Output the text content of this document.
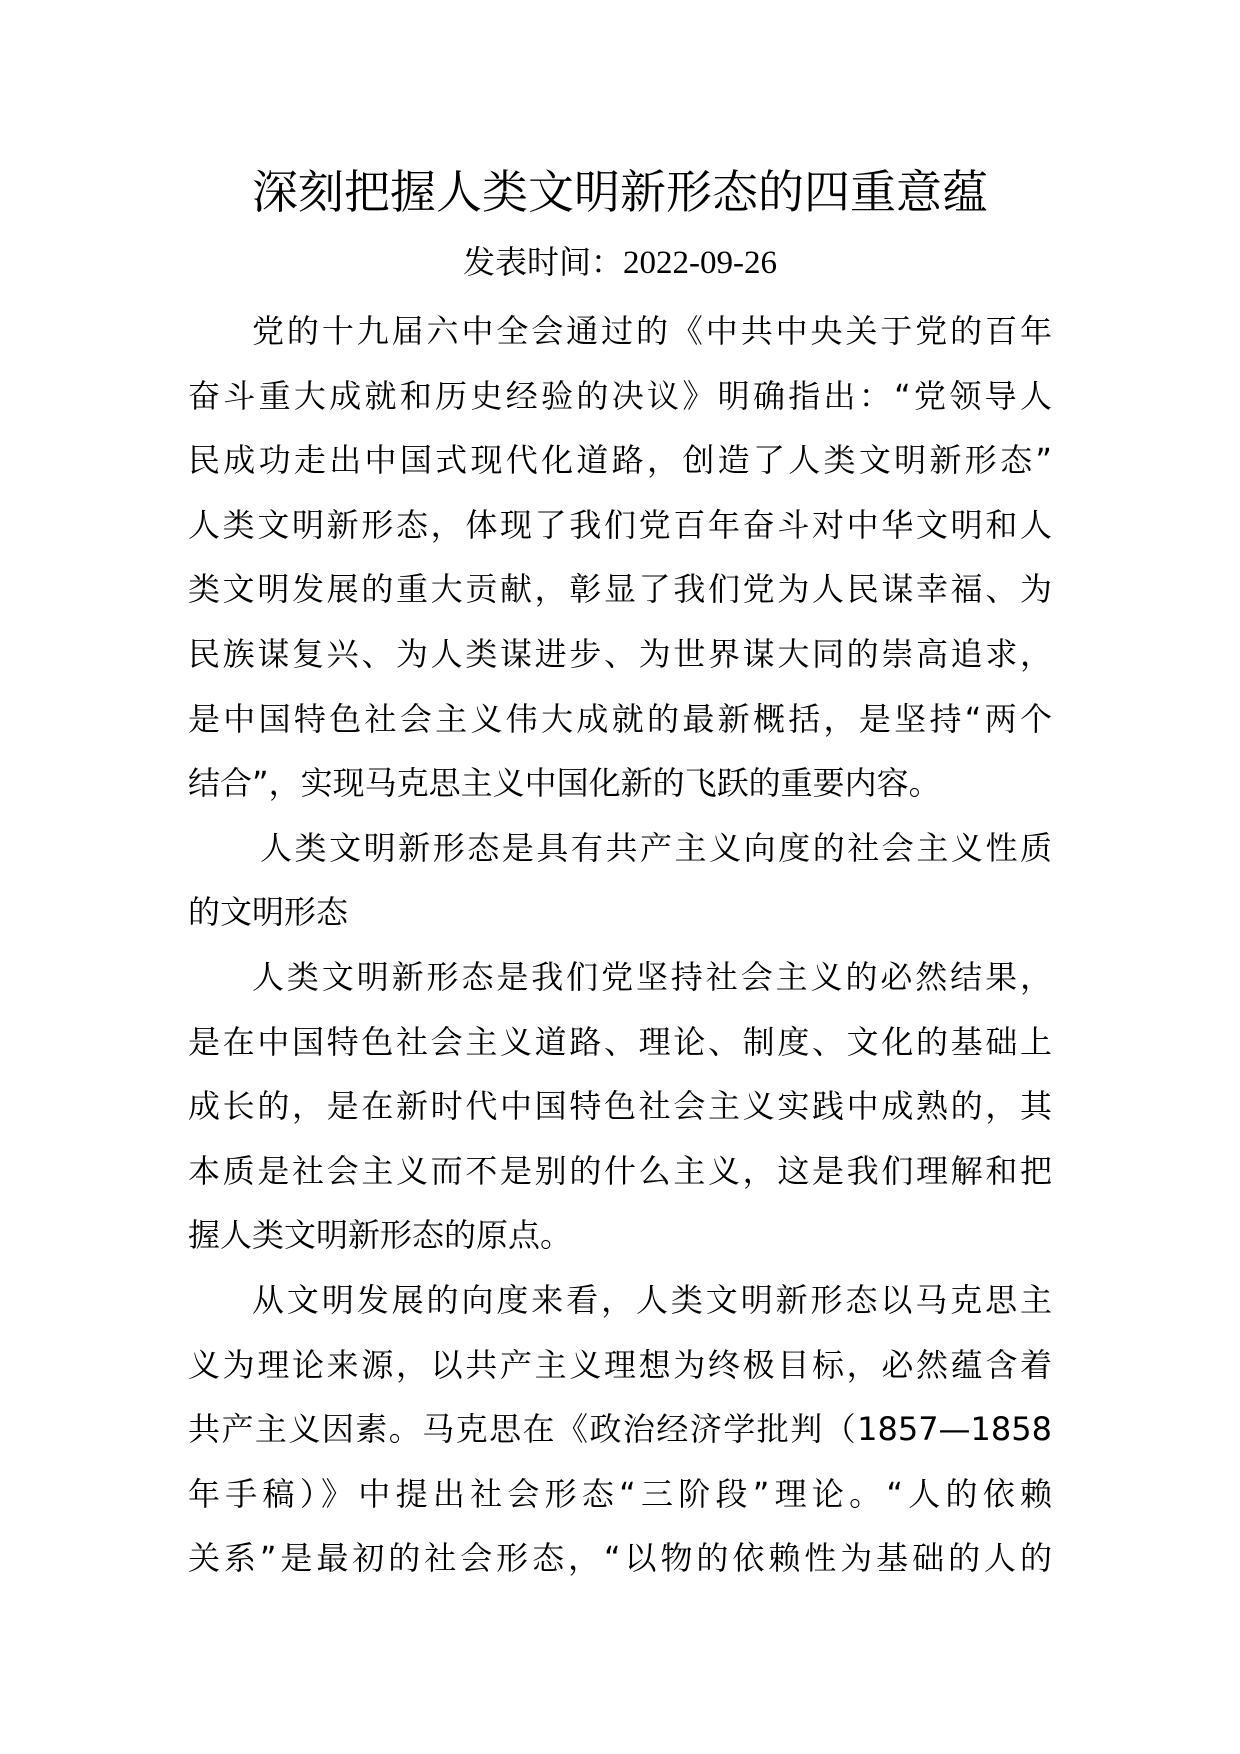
深刻把握人类文明新形态的四重意蕴
发表时间：2022-09-26
党的十九届六中全会通过的《中共中央关于党的百年
奋斗重大成就和历史经验的决议》明确指出：“党领导人
民成功走出中国式现代化道路，创造了人类文明新形态”
人类文明新形态，体现了我们党百年奋斗对中华文明和人
类文明发展的重大贡献，彰显了我们党为人民谋幸福、为
民族谋复兴、为人类谋进步、为世界谋大同的崇高追求，
是中国特色社会主义伟大成就的最新概括，是坚持“两个
结合”，实现马克思主义中国化新的飞跃的重要内容。
人类文明新形态是具有共产主义向度的社会主义性质
的文明形态
人类文明新形态是我们党坚持社会主义的必然结果，
是在中国特色社会主义道路、理论、制度、文化的基础上
成长的，是在新时代中国特色社会主义实践中成熟的，其
本质是社会主义而不是别的什么主义，这是我们理解和把
握人类文明新形态的原点。
从文明发展的向度来看，人类文明新形态以马克思主
义为理论来源，以共产主义理想为终极目标，必然蕴含着
共产主义因素。马克思在《政治经济学批判（1857—1858
年手稿）》中提出社会形态“三阶段”理论。“人的依赖
关系”是最初的社会形态，“以物的依赖性为基础的人的
